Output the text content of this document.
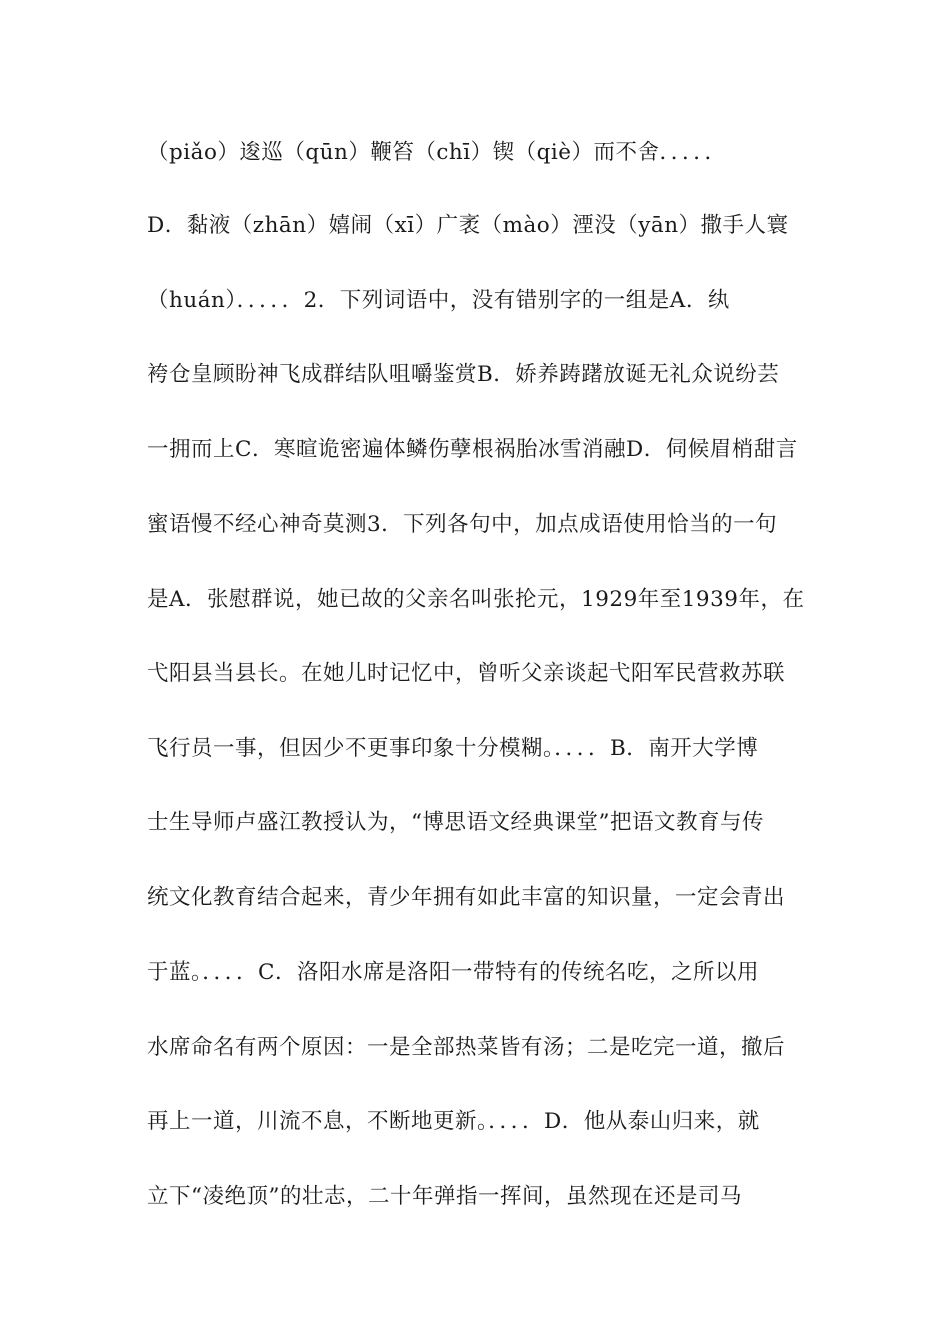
（piǎo）逡巡（qūn）鞭笞（chī）锲（qiè）而不舍．．．．．
D．黏液（zhān）嬉闹（xī）广袤（mào）湮没（yān）撒手人寰
（huán）．．．．．2．下列词语中，没有错别字的一组是A．纨
袴仓皇顾盼神飞成群结队咀嚼鉴赏B．娇养踌躇放诞无礼众说纷芸
一拥而上C．寒暄诡密遍体鳞伤孽根祸胎冰雪消融D．伺候眉梢甜言
蜜语慢不经心神奇莫测3．下列各句中，加点成语使用恰当的一句
是A．张慰群说，她已故的父亲名叫张抡元，1929年至1939年，在
弋阳县当县长。在她儿时记忆中，曾听父亲谈起弋阳军民营救苏联
飞行员一事，但因少不更事印象十分模糊。．．．．B．南开大学博
士生导师卢盛江教授认为，“博思语文经典课堂”把语文教育与传
统文化教育结合起来，青少年拥有如此丰富的知识量，一定会青出
于蓝。．．．．C．洛阳水席是洛阳一带特有的传统名吃，之所以用
水席命名有两个原因：一是全部热菜皆有汤；二是吃完一道，撤后
再上一道，川流不息，不断地更新。．．．．D．他从泰山归来，就
立下“凌绝顶”的壮志，二十年弹指一挥间，虽然现在还是司马
